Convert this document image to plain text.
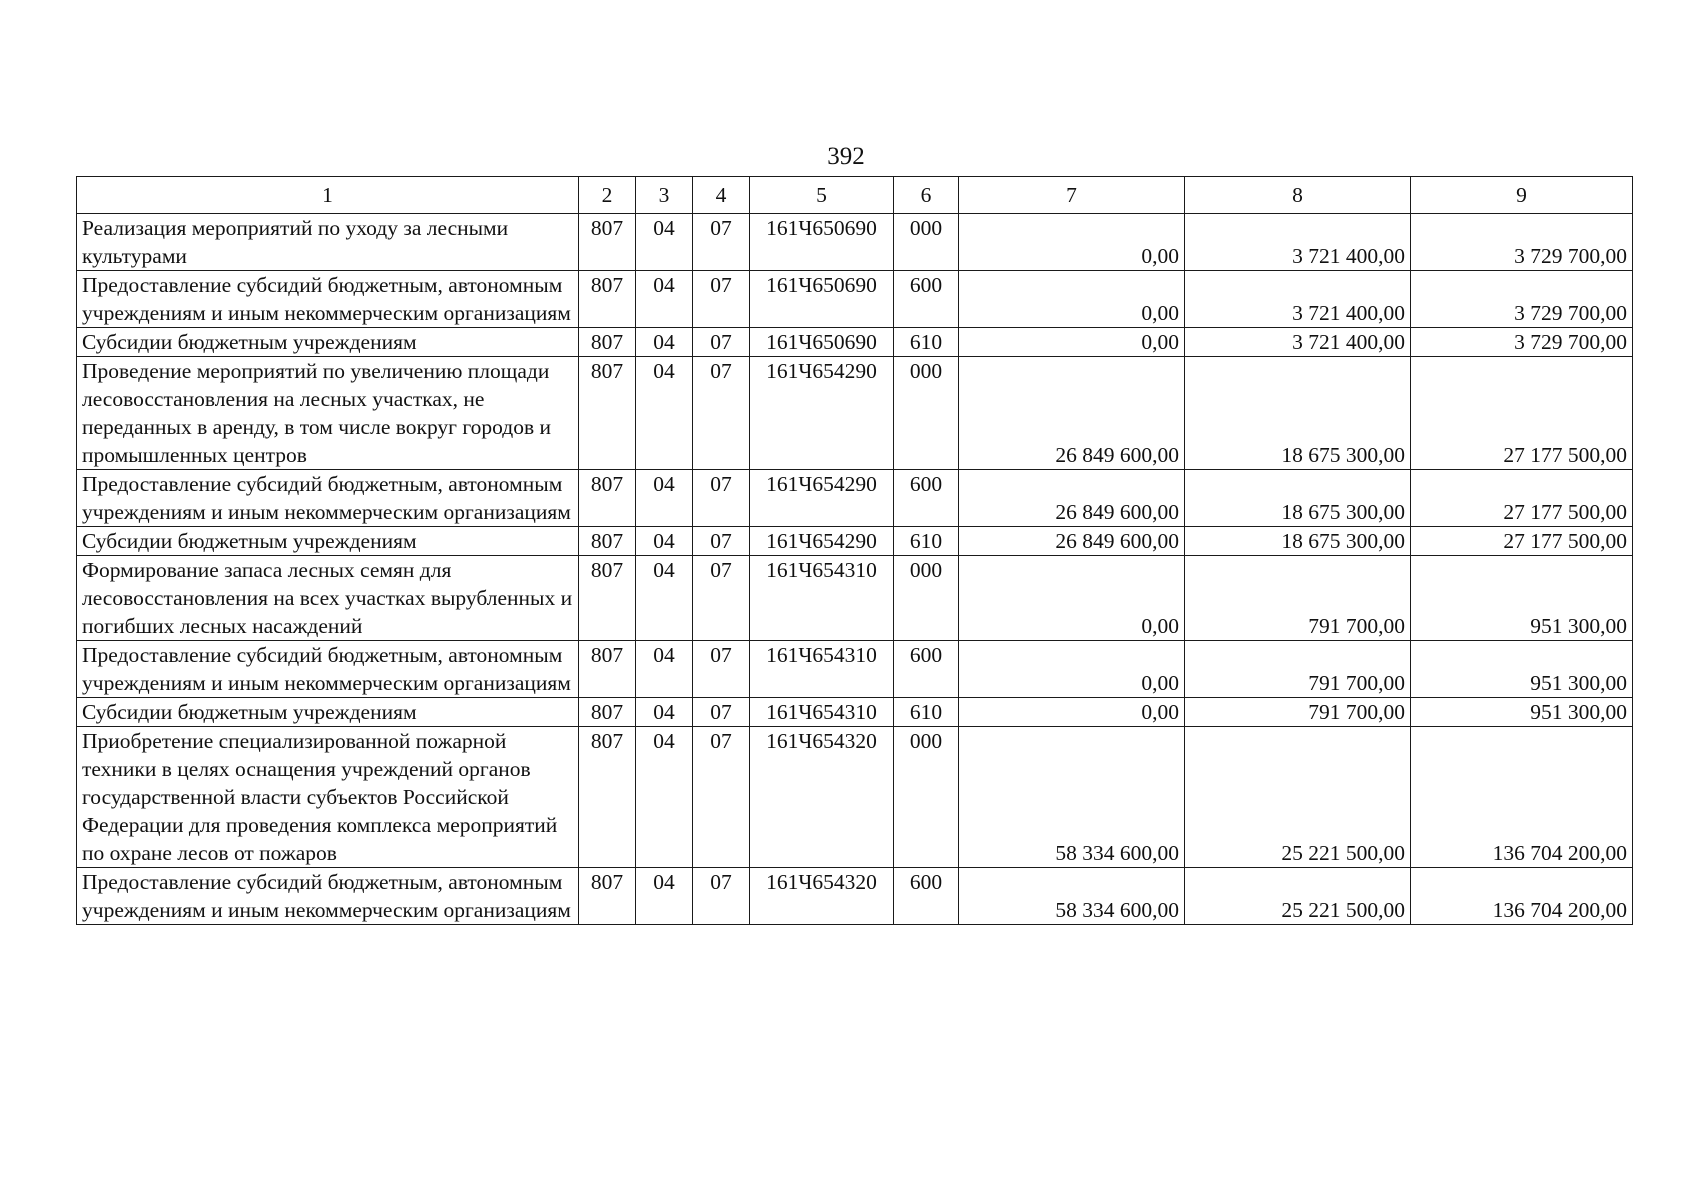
392
1	2	3	4	5	6	7	8	9
Реализация мероприятий по уходу за лесными культурами	807	04	07	161Ч650690	000	0,00	3 721 400,00	3 729 700,00
Предоставление субсидий бюджетным, автономным учреждениям и иным некоммерческим организациям	807	04	07	161Ч650690	600	0,00	3 721 400,00	3 729 700,00
Субсидии бюджетным учреждениям	807	04	07	161Ч650690	610	0,00	3 721 400,00	3 729 700,00
Проведение мероприятий по увеличению площади лесовосстановления на лесных участках, не переданных в аренду, в том числе вокруг городов и промышленных центров	807	04	07	161Ч654290	000	26 849 600,00	18 675 300,00	27 177 500,00
Предоставление субсидий бюджетным, автономным учреждениям и иным некоммерческим организациям	807	04	07	161Ч654290	600	26 849 600,00	18 675 300,00	27 177 500,00
Субсидии бюджетным учреждениям	807	04	07	161Ч654290	610	26 849 600,00	18 675 300,00	27 177 500,00
Формирование запаса лесных семян для лесовосстановления на всех участках вырубленных и погибших лесных насаждений	807	04	07	161Ч654310	000	0,00	791 700,00	951 300,00
Предоставление субсидий бюджетным, автономным учреждениям и иным некоммерческим организациям	807	04	07	161Ч654310	600	0,00	791 700,00	951 300,00
Субсидии бюджетным учреждениям	807	04	07	161Ч654310	610	0,00	791 700,00	951 300,00
Приобретение специализированной пожарной техники в целях оснащения учреждений органов государственной власти субъектов Российской Федерации для проведения комплекса мероприятий по охране лесов от пожаров	807	04	07	161Ч654320	000	58 334 600,00	25 221 500,00	136 704 200,00
Предоставление субсидий бюджетным, автономным учреждениям и иным некоммерческим организациям	807	04	07	161Ч654320	600	58 334 600,00	25 221 500,00	136 704 200,00
